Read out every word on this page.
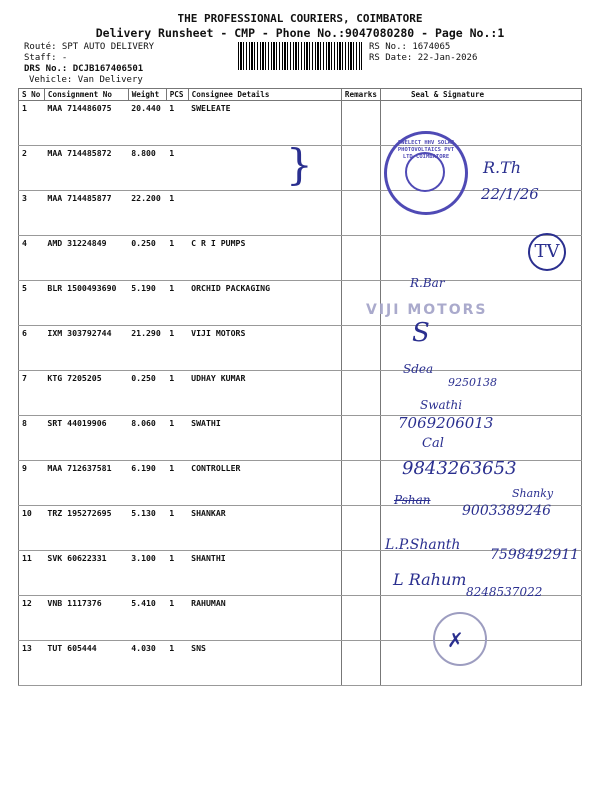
THE PROFESSIONAL COURIERS, COIMBATORE
Delivery Runsheet - CMP - Phone No.:9047080280 - Page No.:1
Routé: SPT AUTO DELIVERY
Staff: -
DRS No.: DCJB167406501
Vehicle: Van Delivery
RS No.: 1674065
RS Date: 22-Jan-2026
S No	Consignment No	Weight	PCS	Consignee Details	Remarks	Seal & Signature
1	MAA 714486075	20.440	1	SWELEATE		
2	MAA 714485872	8.800	1			
3	MAA 714485877	22.200	1			
4	AMD 31224849	0.250	1	C R I PUMPS		
5	BLR 1500493690	5.190	1	ORCHID PACKAGING		
6	IXM 303792744	21.290	1	VIJI MOTORS		
7	KTG 7205205	0.250	1	UDHAY KUMAR		
8	SRT 44019906	8.060	1	SWATHI		
9	MAA 712637581	6.190	1	CONTROLLER		
10	TRZ 195272695	5.130	1	SHANKAR		
11	SVK 60622331	3.100	1	SHANTHI		
12	VNB 1117376	5.410	1	RAHUMAN		
13	TUT 605444	4.030	1	SNS		
}	SWELECT HHV SOLAR PHOTOVOLTAICS PVT LTD COIMBATORE
R.Th
22/1/26
TV
R.Bar
VIJI MOTORS
S
Sdea
9250138
Swathi
7069206013
Cal
9843263653
Pshan	Shanky
9003389246
L.P.Shanth
7598492911
L Rahum
8248537022
✗
